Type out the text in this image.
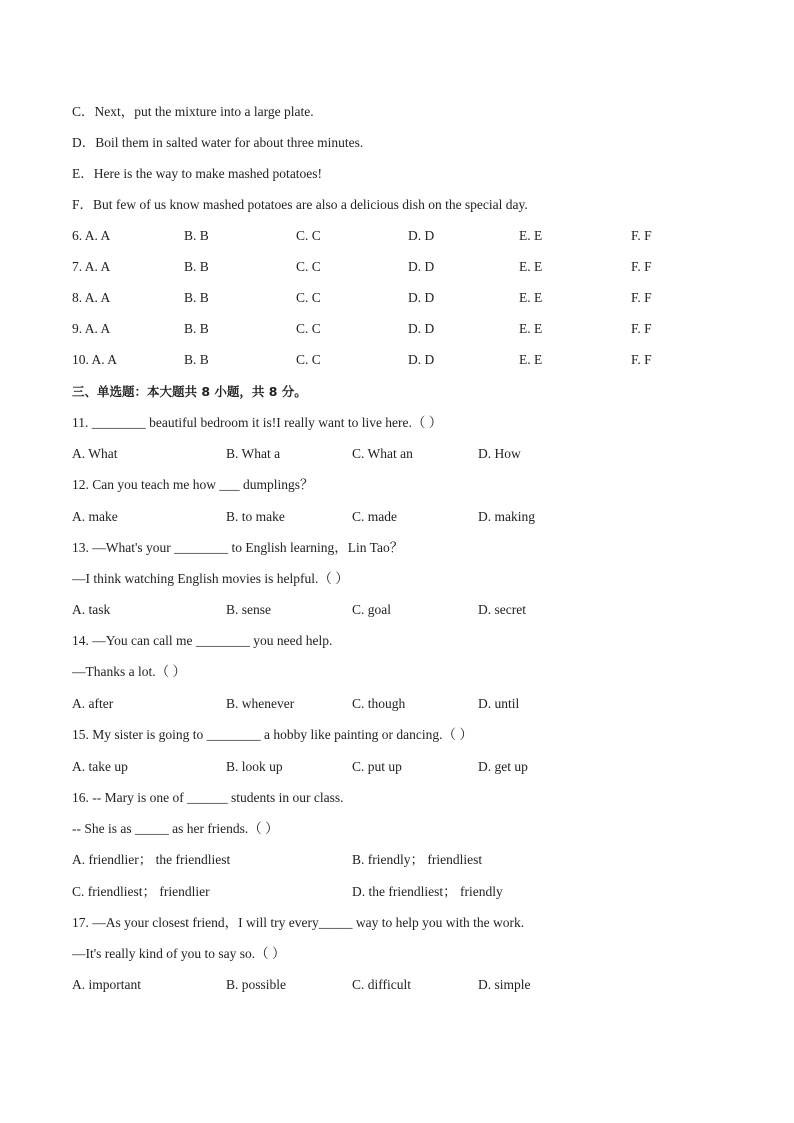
C．Next，put the mixture into a large plate.
D．Boil them in salted water for about three minutes.
E．Here is the way to make mashed potatoes!
F．But few of us know mashed potatoes are also a delicious dish on the special day.
6. A. A	B. B	C. C	D. D	E. E	F. F
7. A. A	B. B	C. C	D. D	E. E	F. F
8. A. A	B. B	C. C	D. D	E. E	F. F
9. A. A	B. B	C. C	D. D	E. E	F. F
10. A. A	B. B	C. C	D. D	E. E	F. F
三、单选题：本大题共 8 小题，共 8 分。
11. ________ beautiful bedroom it is!I really want to live here.（ ）
A. What	B. What a	C. What an	D. How
12. Can you teach me how ___ dumplings？
A. make	B. to make	C. made	D. making
13. —What's your ________ to English learning，Lin Tao？
—I think watching English movies is helpful.（ ）
A. task	B. sense	C. goal	D. secret
14. —You can call me ________ you need help.
—Thanks a lot.（ ）
A. after	B. whenever	C. though	D. until
15. My sister is going to ________ a hobby like painting or dancing.（ ）
A. take up	B. look up	C. put up	D. get up
16. -- Mary is one of ______ students in our class.
-- She is as _____ as her friends.（ ）
A. friendlier； the friendliest	B. friendly； friendliest
C. friendliest； friendlier	D. the friendliest； friendly
17. —As your closest friend，I will try every_____ way to help you with the work.
—It's really kind of you to say so.（ ）
A. important	B. possible	C. difficult	D. simple
